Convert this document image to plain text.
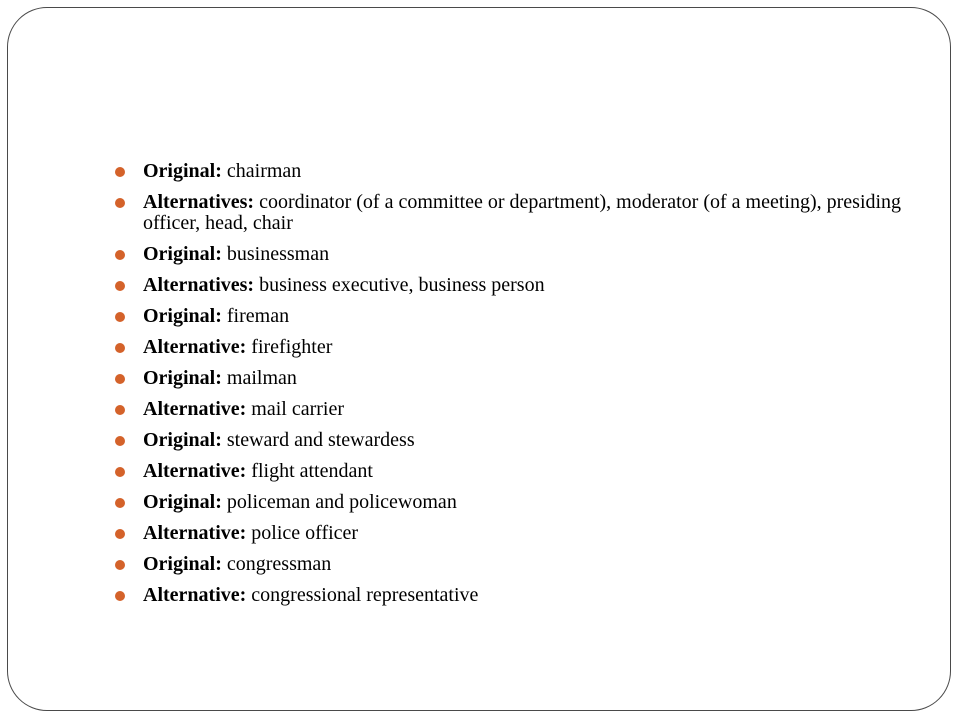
Original: chairman
Alternatives: coordinator (of a committee or department), moderator (of a meeting), presiding officer, head, chair
Original: businessman
Alternatives: business executive, business person
Original: fireman
Alternative: firefighter
Original: mailman
Alternative: mail carrier
Original: steward and stewardess
Alternative: flight attendant
Original: policeman and policewoman
Alternative: police officer
Original: congressman
Alternative: congressional representative
